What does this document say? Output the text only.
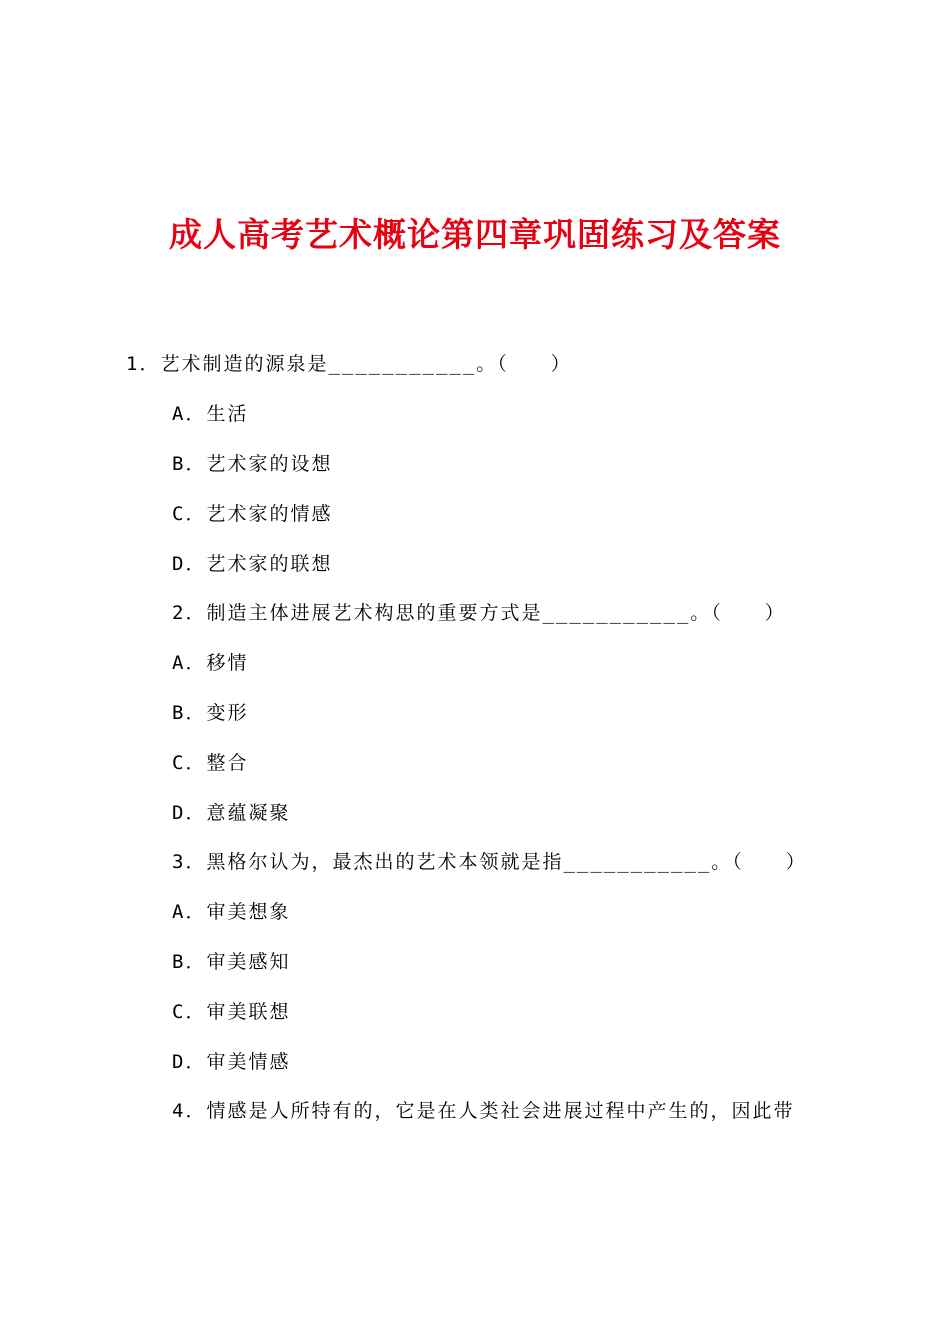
成人高考艺术概论第四章巩固练习及答案
1．艺术制造的源泉是___________。（　　）
A．生活
B．艺术家的设想
C．艺术家的情感
D．艺术家的联想
2．制造主体进展艺术构思的重要方式是___________。（　　）
A．移情
B．变形
C．整合
D．意蕴凝聚
3．黑格尔认为，最杰出的艺术本领就是指___________。（　　）
A．审美想象
B．审美感知
C．审美联想
D．审美情感
4．情感是人所特有的，它是在人类社会进展过程中产生的，因此带
